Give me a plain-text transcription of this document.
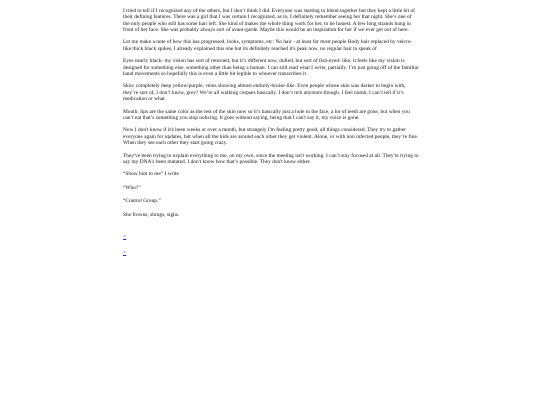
I tried to tell if I recognized any of the others, but I don’t think I did. Everyone was starting to blend together but they kept a little bit of their defining features. There was a girl that I was certain I recognized, as in, I definitely remember seeing her that night. She’s one of the only people who still has some hair left. She kind of makes the whole thing work for her, to be honest. A few long strands hung in front of her face. She was probably always sort of avant-garde. Maybe this would be an inspiration for her if we ever get out of here.

Let me make a note of how this has progressed, looks, symptoms, etc: No hair - at least for most people Body hair replaced by velcro-like thick black spikes, I already explained this one but its definitely reached it's peak now, no regular hair to speak of

Eyes nearly black- my vision has sort of returned, but it’s different now, dulled, but sort of fish-eyed- like, it feels like my vision is designed for something else, something other than being a human. I can still read what I write, partially. I’m just going off of the familiar hand movements so hopefully this is even a little bit legible to whoever transcribes it .

Skin: completely deep yellow/purple, veins showing almost entirely-bruise-like. Even people whose skin was darker to begin with, they’re sort of, I don’t know, grey? We’re all walking corpses basically. I don’t itch anymore though. I feel numb, I can’t tell if it’s medication or what.

Mouth: lips are the same color as the rest of the skin now so it’s basically just a hole in the face, a lot of teeth are gone, but when you can’t eat that’s something you stop noticing. It goes without saying, being that I can't say it, my voice is gone.

Now I don't know if it's been weeks or over a month, but strangely I'm feeling pretty good, all things considered. They try to gather everyone again for updates, but when all the kids are around each other they get violent. Alone, or with non infected people, they’re fine. When they see each other they start going crazy.

They've been trying to explain everything to me, on my own, since the meeting isn't working. I can’t stay focused at all. They're trying to say my DNA's been mutated. I don't know how that’s possible. They don't know either.

“Show him to me” I write

“Who?”

“Control Group.”

She frowns, shrugs, sighs.

<
>
